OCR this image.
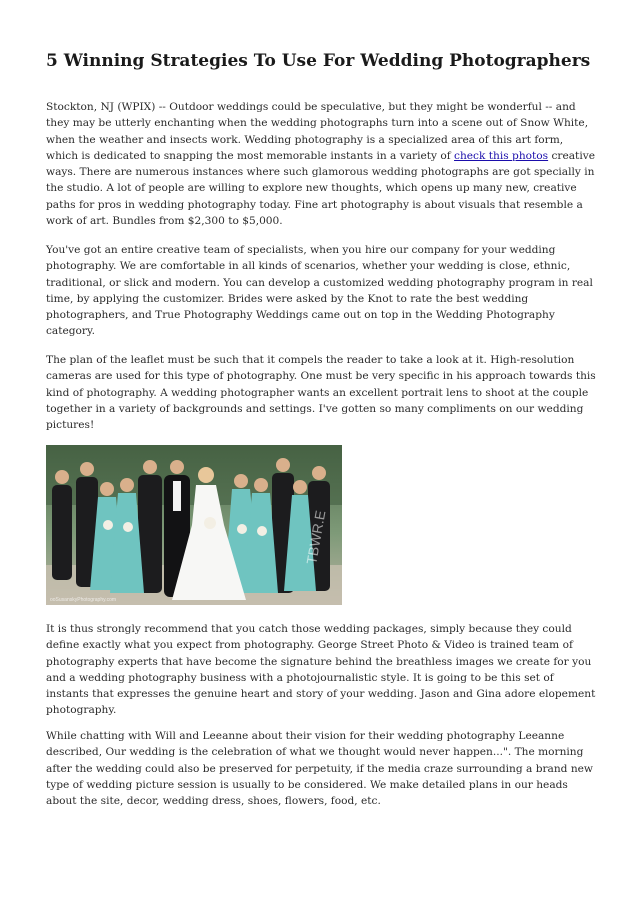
5 Winning Strategies To Use For Wedding Photographers

Stockton, NJ (WPIX) -- Outdoor weddings could be speculative, but they might be wonderful -- and they may be utterly enchanting when the wedding photographs turn into a scene out of Snow White, when the weather and insects work. Wedding photography is a specialized area of this art form, which is dedicated to snapping the most memorable instants in a variety of check this photos creative ways. There are numerous instances where such glamorous wedding photographs are got specially in the studio. A lot of people are willing to explore new thoughts, which opens up many new, creative paths for pros in wedding photography today. Fine art photography is about visuals that resemble a work of art. Bundles from $2,300 to $5,000.

You've got an entire creative team of specialists, when you hire our company for your wedding photography. We are comfortable in all kinds of scenarios, whether your wedding is close, ethnic, traditional, or slick and modern. You can develop a customized wedding photography program in real time, by applying the customizer. Brides were asked by the Knot to rate the best wedding photographers, and True Photography Weddings came out on top in the Wedding Photography category.

The plan of the leaflet must be such that it compels the reader to take a look at it. High-resolution cameras are used for this type of photography. One must be very specific in his approach towards this kind of photography. A wedding photographer wants an excellent portrait lens to shoot at the couple together in a variety of backgrounds and settings. I've gotten so many compliments on our wedding pictures!

TBWR.E
ooSusanskyPhotography.com

It is thus strongly recommend that you catch those wedding packages, simply because they could define exactly what you expect from photography. George Street Photo & Video is trained team of photography experts that have become the signature behind the breathless images we create for you and a wedding photography business with a photojournalistic style. It is going to be this set of instants that expresses the genuine heart and story of your wedding. Jason and Gina adore elopement photography.

While chatting with Will and Leeanne about their vision for their wedding photography Leeanne described, Our wedding is the celebration of what we thought would never happen...". The morning after the wedding could also be preserved for perpetuity, if the media craze surrounding a brand new type of wedding picture session is usually to be considered. We make detailed plans in our heads about the site, decor, wedding dress, shoes, flowers, food, etc.
